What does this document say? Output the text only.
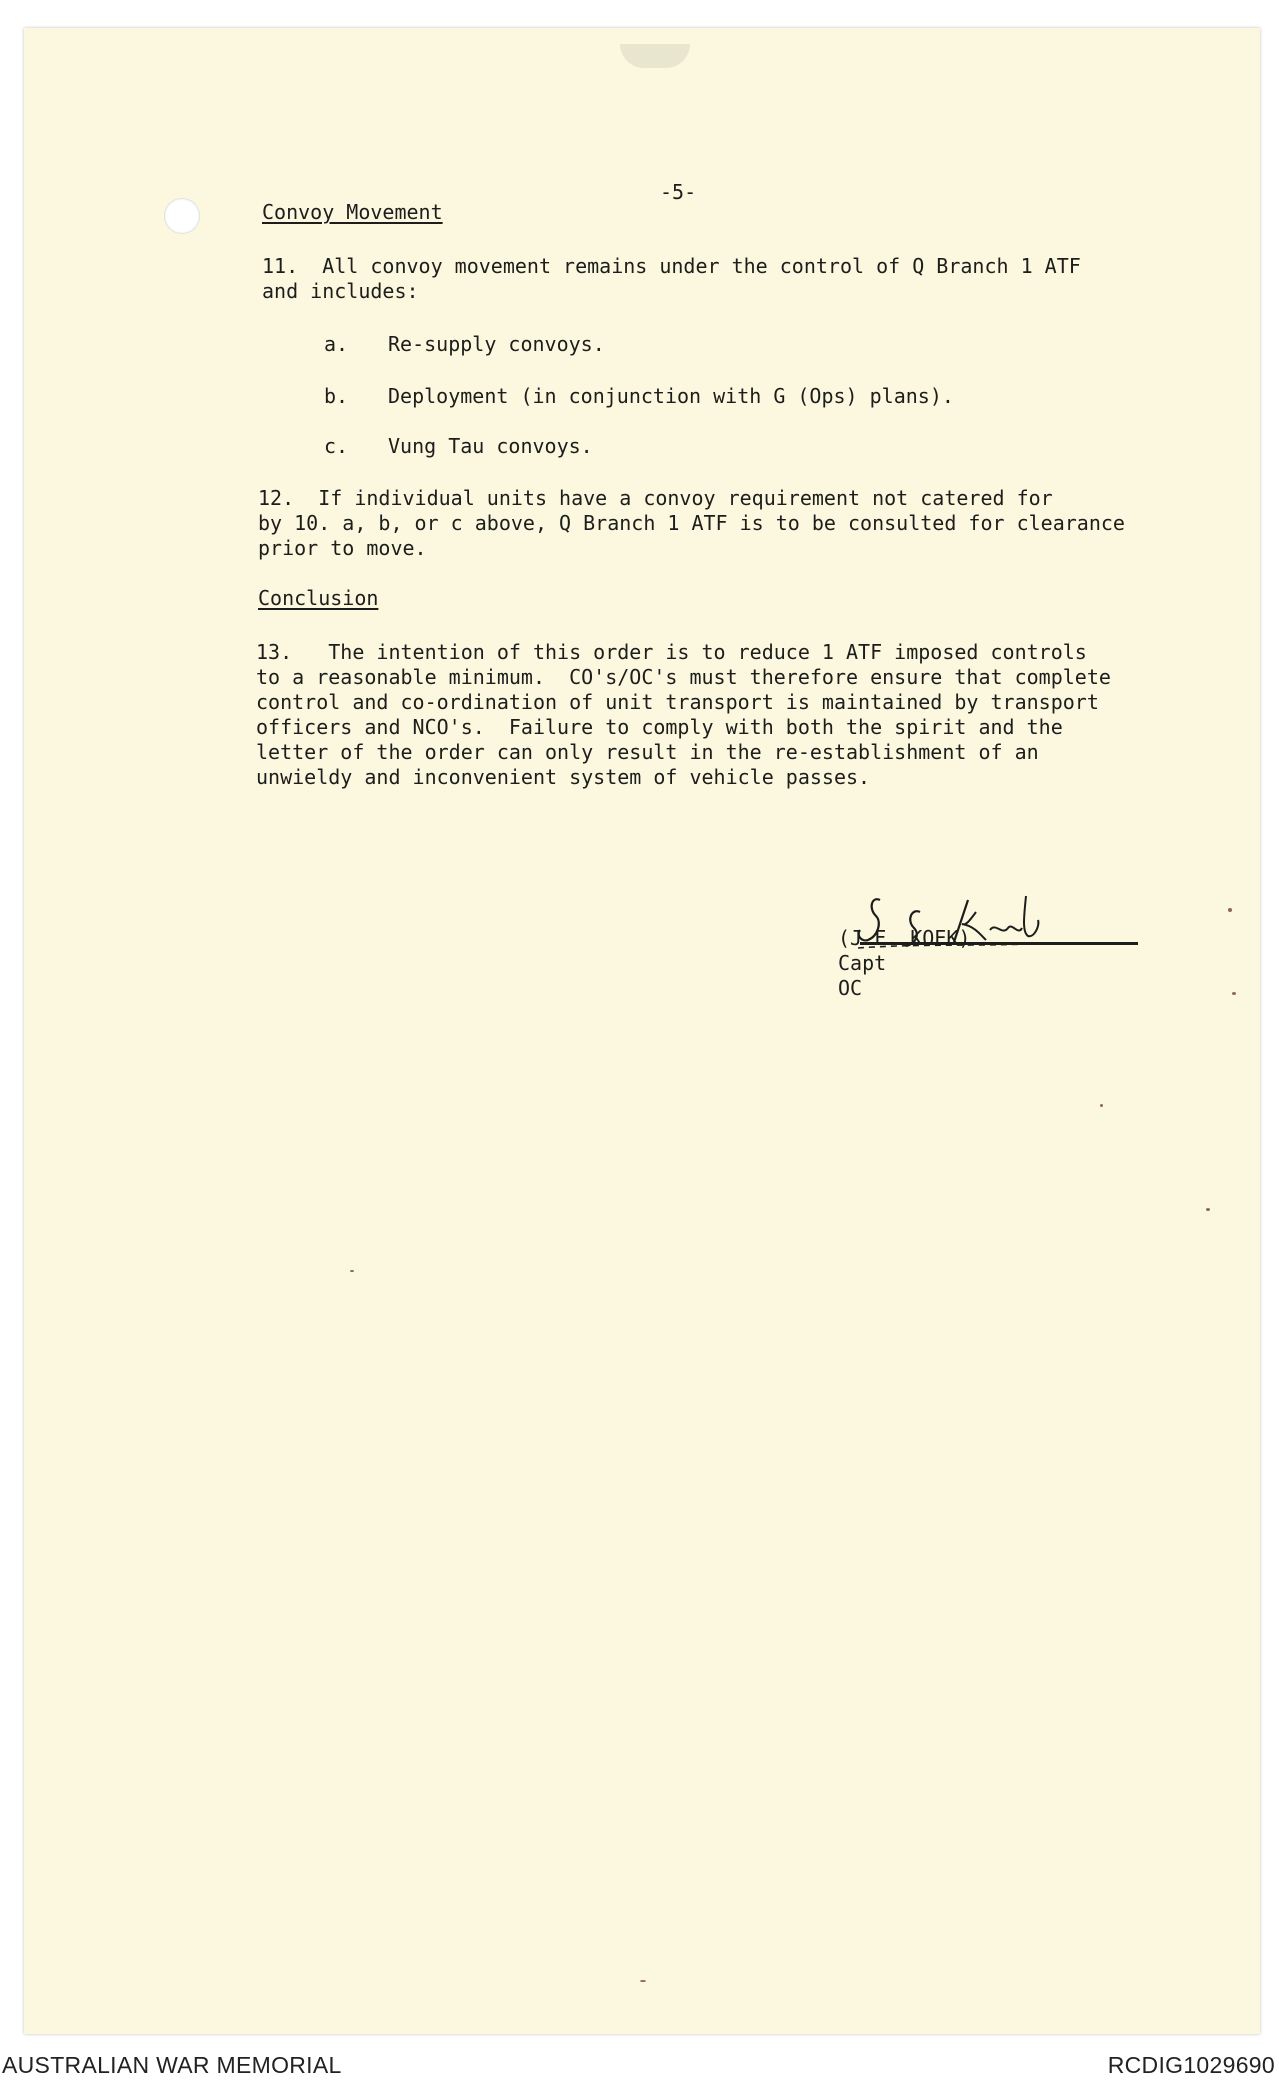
-5-
Convoy Movement
11.  All convoy movement remains under the control of Q Branch 1 ATF
and includes:
a. Re-supply convoys.
b. Deployment (in conjunction with G (Ops) plans).
c. Vung Tau convoys.
12.  If individual units have a convoy requirement not catered for
by 10. a, b, or c above, Q Branch 1 ATF is to be consulted for clearance
prior to move.
Conclusion
13.   The intention of this order is to reduce 1 ATF imposed controls
to a reasonable minimum.  CO's/OC's must therefore ensure that complete
control and co-ordination of unit transport is maintained by transport
officers and NCO's.  Failure to comply with both the spirit and the
letter of the order can only result in the re-establishment of an
unwieldy and inconvenient system of vehicle passes.
(J.F. KOEK)
Capt
OC
AUSTRALIAN WAR MEMORIAL	RCDIG1029690
